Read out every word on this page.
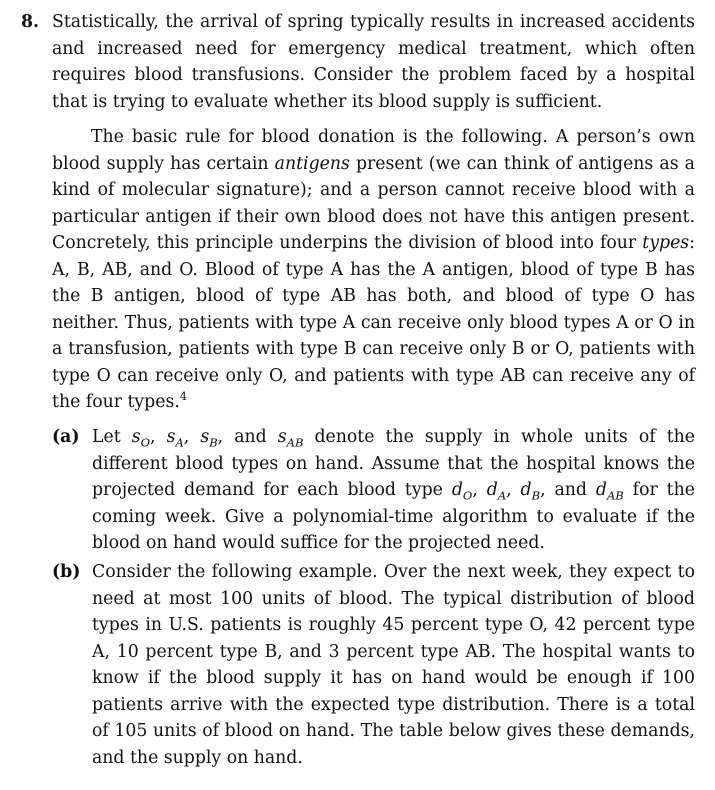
8. Statistically, the arrival of spring typically results in increased accidents and increased need for emergency medical treatment, which often requires blood transfusions. Consider the problem faced by a hospital that is trying to evaluate whether its blood supply is sufficient.

The basic rule for blood donation is the following. A person’s own blood supply has certain antigens present (we can think of antigens as a kind of molecular signature); and a person cannot receive blood with a particular antigen if their own blood does not have this antigen present. Concretely, this principle underpins the division of blood into four types: A, B, AB, and O. Blood of type A has the A antigen, blood of type B has the B antigen, blood of type AB has both, and blood of type O has neither. Thus, patients with type A can receive only blood types A or O in a transfusion, patients with type B can receive only B or O, patients with type O can receive only O, and patients with type AB can receive any of the four types.$^4$

(a) Let $s_O$, $s_A$, $s_B$, and $s_{AB}$ denote the supply in whole units of the different blood types on hand. Assume that the hospital knows the projected demand for each blood type $d_O$, $d_A$, $d_B$, and $d_{AB}$ for the coming week. Give a polynomial-time algorithm to evaluate if the blood on hand would suffice for the projected need.

(b) Consider the following example. Over the next week, they expect to need at most 100 units of blood. The typical distribution of blood types in U.S. patients is roughly 45 percent type O, 42 percent type A, 10 percent type B, and 3 percent type AB. The hospital wants to know if the blood supply it has on hand would be enough if 100 patients arrive with the expected type distribution. There is a total of 105 units of blood on hand. The table below gives these demands, and the supply on hand.
